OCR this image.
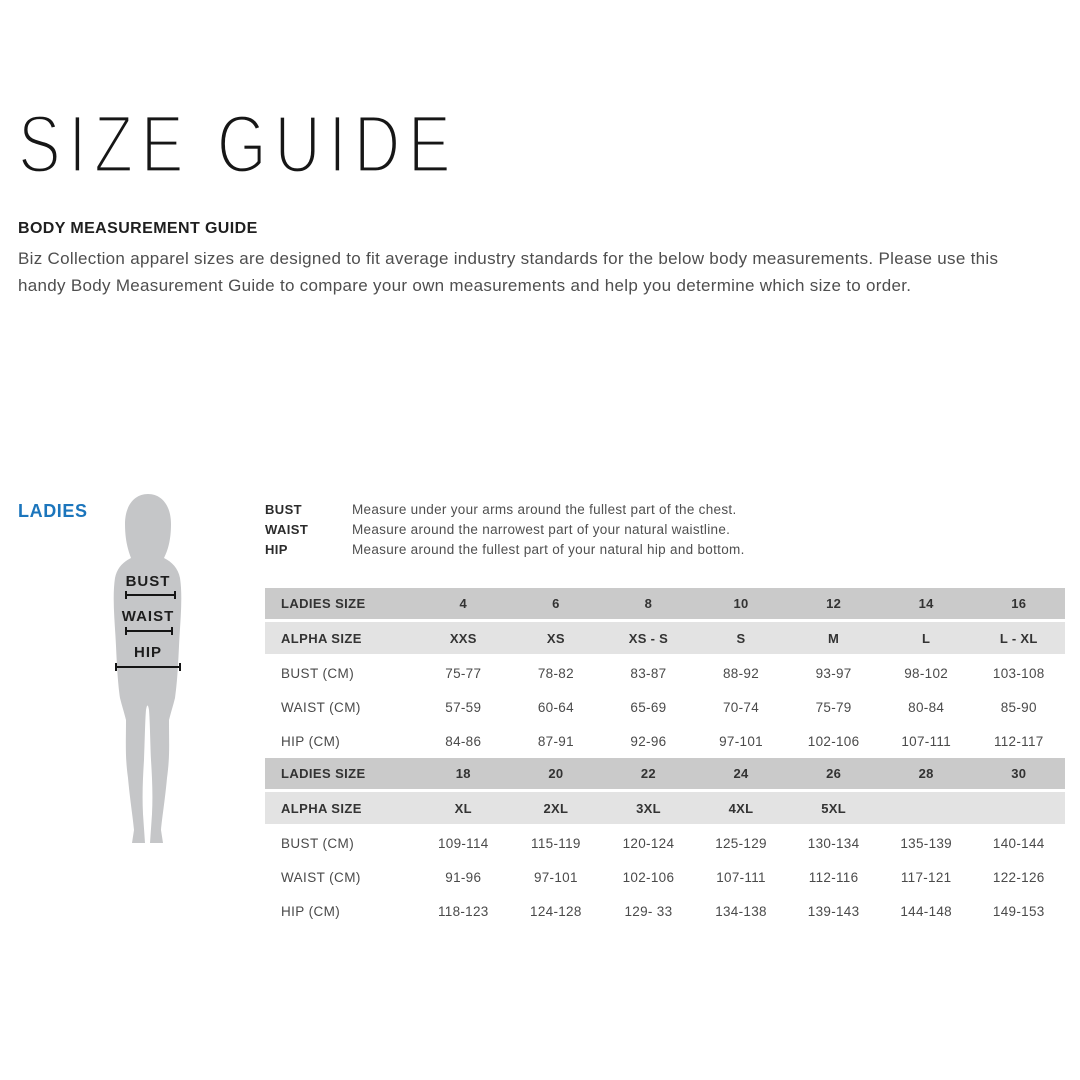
SIZE GUIDE
BODY MEASUREMENT GUIDE

Biz Collection apparel sizes are designed to fit average industry standards for the below body measurements. Please use this handy Body Measurement Guide to compare your own measurements and help you determine which size to order.

LADIES
BUST
WAIST
HIP
BUST	Measure under your arms around the fullest part of the chest.
WAIST	Measure around the narrowest part of your natural waistline.
HIP	Measure around the fullest part of your natural hip and bottom.
LADIES SIZE	4	6	8	10	12	14	16
ALPHA SIZE	XXS	XS	XS - S	S	M	L	L - XL
BUST (CM)	75-77	78-82	83-87	88-92	93-97	98-102	103-108
WAIST (CM)	57-59	60-64	65-69	70-74	75-79	80-84	85-90
HIP (CM)	84-86	87-91	92-96	97-101	102-106	107-111	112-117
LADIES SIZE	18	20	22	24	26	28	30
ALPHA SIZE	XL	2XL	3XL	4XL	5XL
BUST (CM)	109-114	115-119	120-124	125-129	130-134	135-139	140-144
WAIST (CM)	91-96	97-101	102-106	107-111	112-116	117-121	122-126
HIP (CM)	118-123	124-128	129- 33	134-138	139-143	144-148	149-153
